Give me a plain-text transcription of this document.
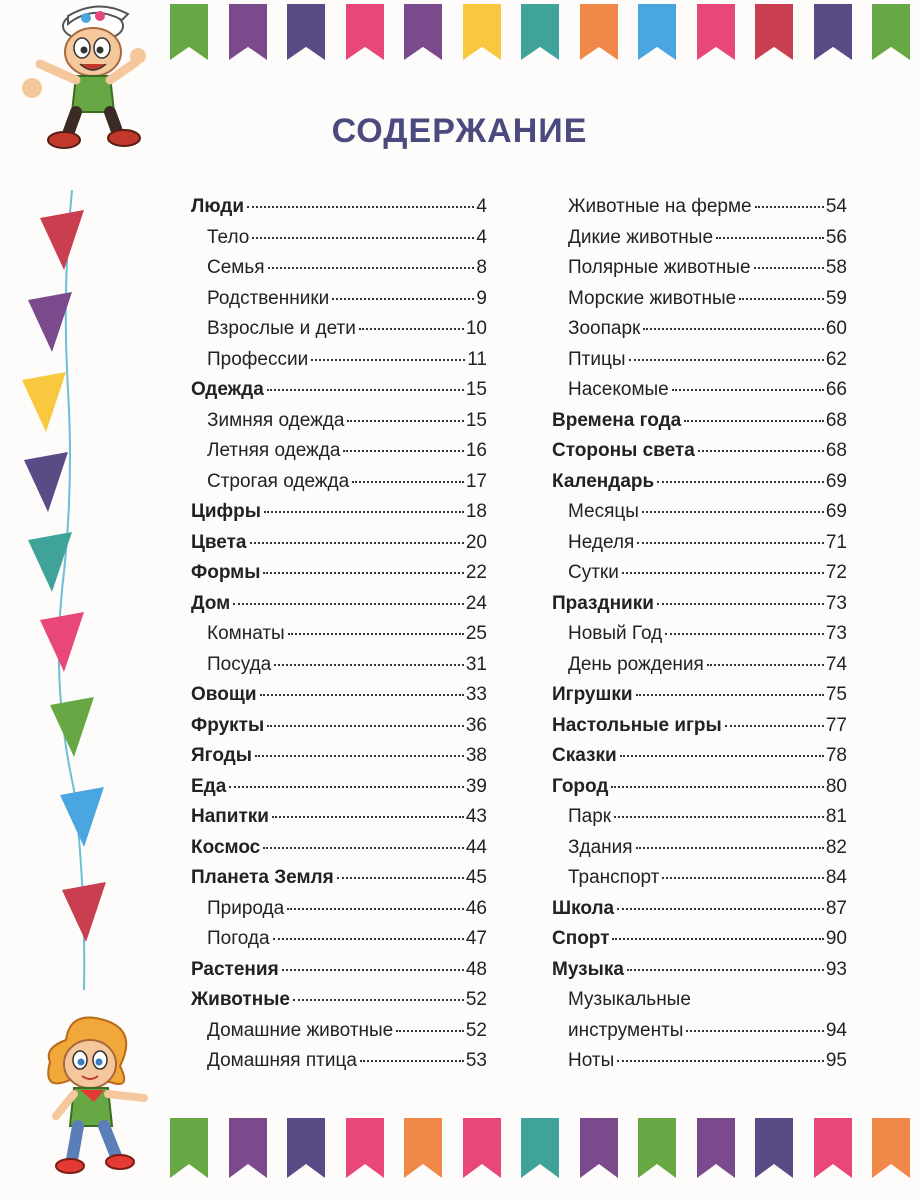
СОДЕРЖАНИЕ
Люди	4
Тело	4
Семья	8
Родственники	9
Взрослые и дети	10
Профессии	11
Одежда	15
Зимняя одежда	15
Летняя одежда	16
Строгая одежда	17
Цифры	18
Цвета	20
Формы	22
Дом	24
Комнаты	25
Посуда	31
Овощи	33
Фрукты	36
Ягоды	38
Еда	39
Напитки	43
Космос	44
Планета Земля	45
Природа	46
Погода	47
Растения	48
Животные	52
Домашние животные	52
Домашняя птица	53
Животные на ферме	54
Дикие животные	56
Полярные животные	58
Морские животные	59
Зоопарк	60
Птицы	62
Насекомые	66
Времена года	68
Стороны света	68
Календарь	69
Месяцы	69
Неделя	71
Сутки	72
Праздники	73
Новый Год	73
День рождения	74
Игрушки	75
Настольные игры	77
Сказки	78
Город	80
Парк	81
Здания	82
Транспорт	84
Школа	87
Спорт	90
Музыка	93
Музыкальные
инструменты	94
Ноты	95
